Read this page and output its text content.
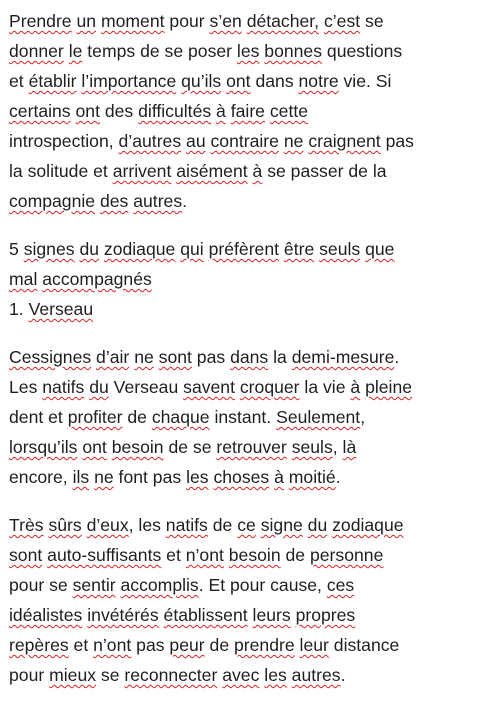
Prendre un moment pour s’en détacher, c’est se
donner le temps de se poser les bonnes questions
et établir l’importance qu’ils ont dans notre vie. Si
certains ont des difficultés à faire cette
introspection, d’autres au contraire ne craignent pas
la solitude et arrivent aisément à se passer de la
compagnie des autres.
5 signes du zodiaque qui préfèrent être seuls que
mal accompagnés
1. Verseau
Cessignes d’air ne sont pas dans la demi-mesure.
Les natifs du Verseau savent croquer la vie à pleine
dent et profiter de chaque instant. Seulement,
lorsqu’ils ont besoin de se retrouver seuls, là
encore, ils ne font pas les choses à moitié.
Très sûrs d’eux, les natifs de ce signe du zodiaque
sont auto-suffisants et n’ont besoin de personne
pour se sentir accomplis. Et pour cause, ces
idéalistes invétérés établissent leurs propres
repères et n’ont pas peur de prendre leur distance
pour mieux se reconnecter avec les autres.
